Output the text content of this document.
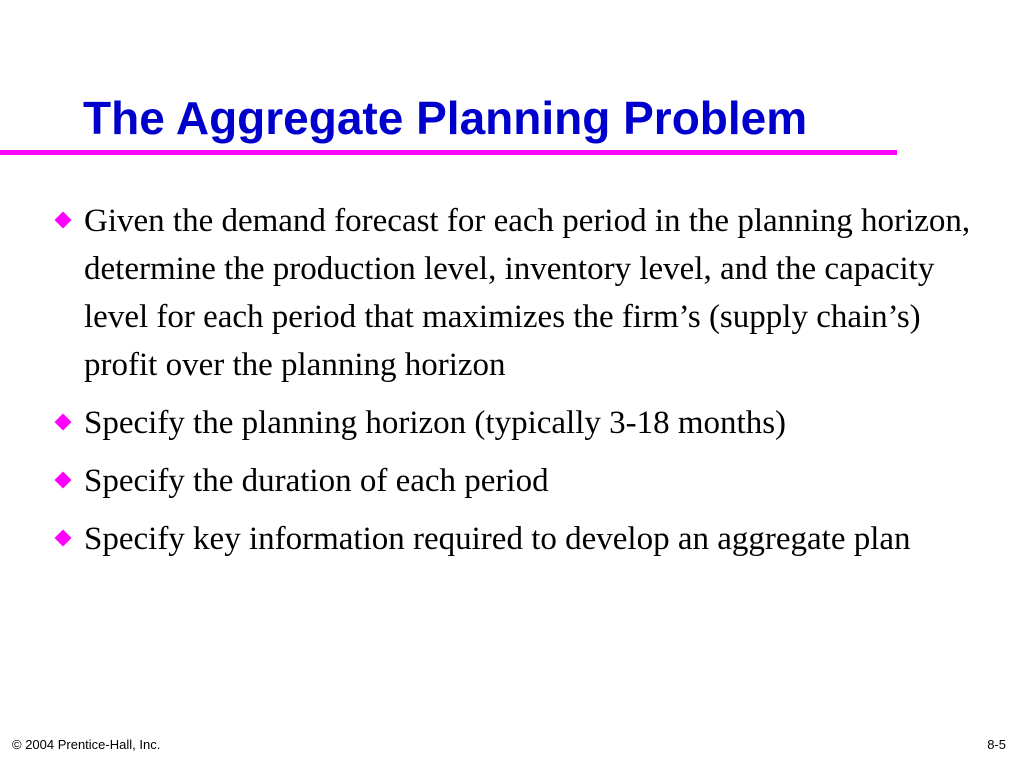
The Aggregate Planning Problem
Given the demand forecast for each period in the planning horizon, determine the production level, inventory level, and the capacity level for each period that maximizes the firm’s (supply chain’s) profit over the planning horizon
Specify the planning horizon (typically 3-18 months)
Specify the duration of each period
Specify key information required to develop an aggregate plan
© 2004 Prentice-Hall, Inc.	8-5
